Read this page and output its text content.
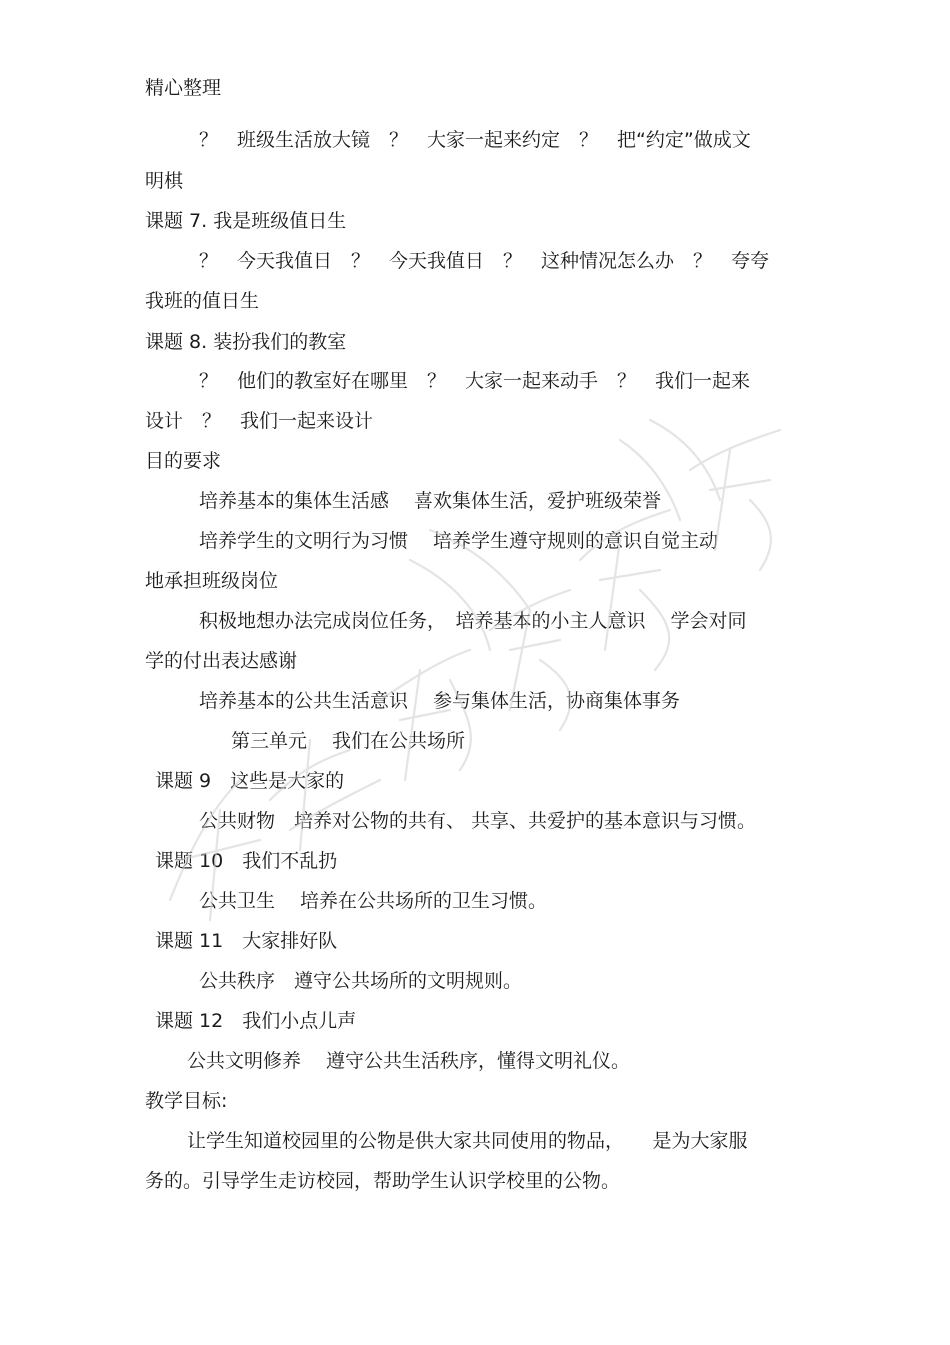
精心整理
？　班级生活放大镜　？　大家一起来约定　？　把“约定”做成文
明棋
课题 7. 我是班级值日生
？　今天我值日　？　今天我值日　？　这种情况怎么办　？　夸夸
我班的值日生
课题 8. 装扮我们的教室
？　他们的教室好在哪里　？　大家一起来动手　？　我们一起来
设计　？　我们一起来设计
目的要求
培养基本的集体生活感　 喜欢集体生活，爱护班级荣誉
培养学生的文明行为习惯　 培养学生遵守规则的意识自觉主动
地承担班级岗位
积极地想办法完成岗位任务，　培养基本的小主人意识　 学会对同
学的付出表达感谢
培养基本的公共生活意识　 参与集体生活，协商集体事务
第三单元　 我们在公共场所
课题 9　这些是大家的
公共财物　培养对公物的共有、 共享、共爱护的基本意识与习惯。
课题 10　我们不乱扔
公共卫生　 培养在公共场所的卫生习惯。
课题 11　大家排好队
公共秩序　遵守公共场所的文明规则。
课题 12　我们小点儿声
公共文明修养　 遵守公共生活秩序，懂得文明礼仪。
教学目标:
让学生知道校园里的公物是供大家共同使用的物品，　　是为大家服
务的。引导学生走访校园，帮助学生认识学校里的公物。
